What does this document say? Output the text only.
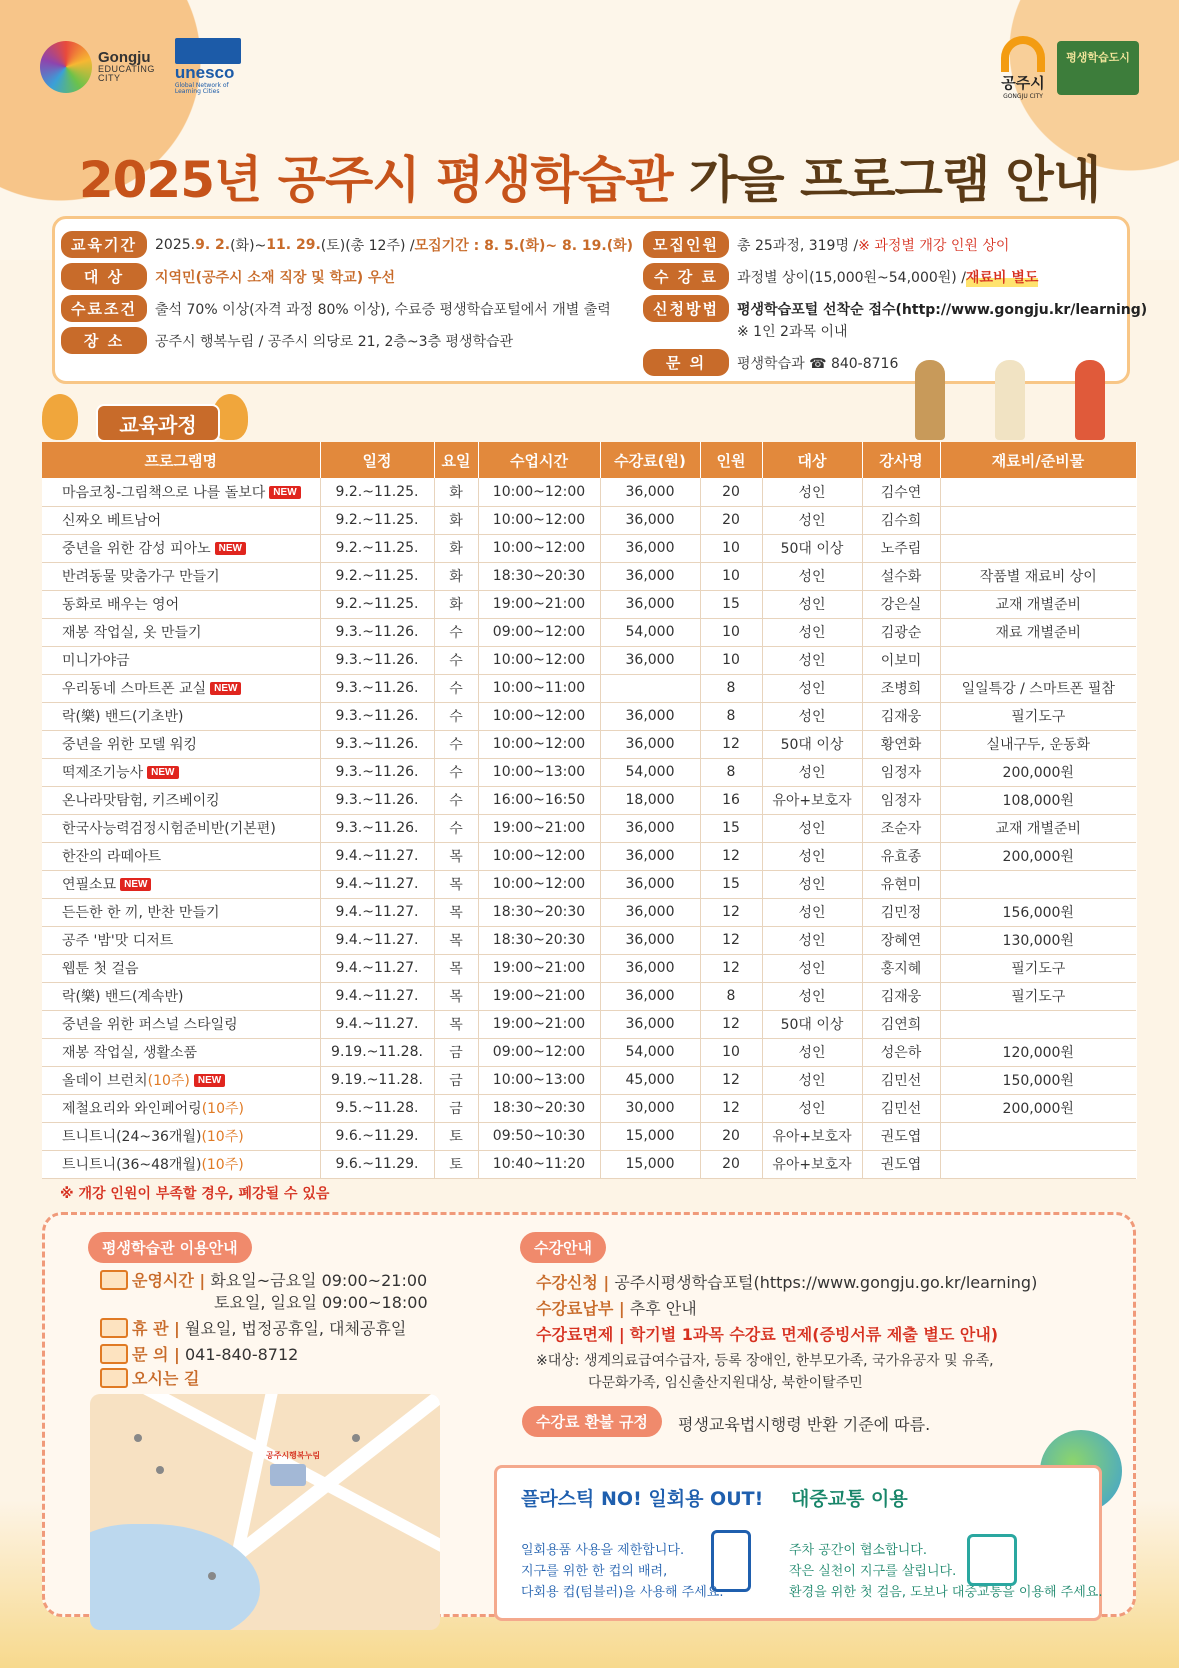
Gongju
EDUCATING
CITY	unesco
Global Network of
Learning Cities	공주시
GONGJU CITY
평생학습도시
2025년 공주시 평생학습관 가을 프로그램 안내
교육기간	2025. 9. 2. (화)~ 11. 29. (토)(총 12주) / 모집기간 : 8. 5.(화)~ 8. 19.(화)
대 상	지역민(공주시 소재 직장 및 학교) 우선
수료조건	출석 70% 이상(자격 과정 80% 이상), 수료증 평생학습포털에서 개별 출력
장 소	공주시 행복누림 / 공주시 의당로 21, 2층~3층 평생학습관
모집인원	총 25과정, 319명 / ※ 과정별 개강 인원 상이
수 강 료	과정별 상이(15,000원~54,000원) / 재료비 별도
신청방법	평생학습포털 선착순 접수(http://www.gongju.kr/learning)
※ 1인 2과목 이내
문 의	평생학습과 ☎ 840-8716
교육과정
프로그램명	일정	요일	수업시간	수강료(원)	인원	대상	강사명	재료비/준비물
마음코칭-그림책으로 나를 돌보다 NEW	9.2.~11.25.	화	10:00~12:00	36,000	20	성인	김수연	
신짜오 베트남어	9.2.~11.25.	화	10:00~12:00	36,000	20	성인	김수희	
중년을 위한 감성 피아노 NEW	9.2.~11.25.	화	10:00~12:00	36,000	10	50대 이상	노주림	
반려동물 맞춤가구 만들기	9.2.~11.25.	화	18:30~20:30	36,000	10	성인	설수화	작품별 재료비 상이
동화로 배우는 영어	9.2.~11.25.	화	19:00~21:00	36,000	15	성인	강은실	교재 개별준비
재봉 작업실, 옷 만들기	9.3.~11.26.	수	09:00~12:00	54,000	10	성인	김광순	재료 개별준비
미니가야금	9.3.~11.26.	수	10:00~12:00	36,000	10	성인	이보미	
우리동네 스마트폰 교실 NEW	9.3.~11.26.	수	10:00~11:00		8	성인	조병희	일일특강 / 스마트폰 필참
락(樂) 밴드(기초반)	9.3.~11.26.	수	10:00~12:00	36,000	8	성인	김재웅	필기도구
중년을 위한 모델 워킹	9.3.~11.26.	수	10:00~12:00	36,000	12	50대 이상	황연화	실내구두, 운동화
떡제조기능사 NEW	9.3.~11.26.	수	10:00~13:00	54,000	8	성인	임정자	200,000원
온나라맛탐험, 키즈베이킹	9.3.~11.26.	수	16:00~16:50	18,000	16	유아+보호자	임정자	108,000원
한국사능력검정시험준비반(기본편)	9.3.~11.26.	수	19:00~21:00	36,000	15	성인	조순자	교재 개별준비
한잔의 라떼아트	9.4.~11.27.	목	10:00~12:00	36,000	12	성인	유효종	200,000원
연필소묘 NEW	9.4.~11.27.	목	10:00~12:00	36,000	15	성인	유현미	
든든한 한 끼, 반찬 만들기	9.4.~11.27.	목	18:30~20:30	36,000	12	성인	김민정	156,000원
공주 '밤'맛 디저트	9.4.~11.27.	목	18:30~20:30	36,000	12	성인	장혜연	130,000원
웹툰 첫 걸음	9.4.~11.27.	목	19:00~21:00	36,000	12	성인	홍지혜	필기도구
락(樂) 밴드(계속반)	9.4.~11.27.	목	19:00~21:00	36,000	8	성인	김재웅	필기도구
중년을 위한 퍼스널 스타일링	9.4.~11.27.	목	19:00~21:00	36,000	12	50대 이상	김연희	
재봉 작업실, 생활소품	9.19.~11.28.	금	09:00~12:00	54,000	10	성인	성은하	120,000원
올데이 브런치(10주) NEW	9.19.~11.28.	금	10:00~13:00	45,000	12	성인	김민선	150,000원
제철요리와 와인페어링(10주)	9.5.~11.28.	금	18:30~20:30	30,000	12	성인	김민선	200,000원
트니트니(24~36개월)(10주)	9.6.~11.29.	토	09:50~10:30	15,000	20	유아+보호자	권도엽	
트니트니(36~48개월)(10주)	9.6.~11.29.	토	10:40~11:20	15,000	20	유아+보호자	권도엽	
※ 개강 인원이 부족할 경우, 폐강될 수 있음
평생학습관 이용안내
운영시간 | 화요일~금요일 09:00~21:00
토요일, 일요일 09:00~18:00
휴 관 | 월요일, 법정공휴일, 대체공휴일
문 의 | 041-840-8712
오시는 길
공주시행복누림
수강안내
수강신청 | 공주시평생학습포털(https://www.gongju.go.kr/learning)
수강료납부 | 추후 안내
수강료면제 | 학기별 1과목 수강료 면제(증빙서류 제출 별도 안내)
※대상: 생계의료급여수급자, 등록 장애인, 한부모가족, 국가유공자 및 유족,
다문화가족, 임신출산지원대상, 북한이탈주민
수강료 환불 규정	평생교육법시행령 반환 기준에 따름.
플라스틱 NO! 일회용 OUT! 대중교통 이용
일회용품 사용을 제한합니다.
지구를 위한 한 컵의 배려,
다회용 컵(텀블러)을 사용해 주세요.
주차 공간이 협소합니다.
작은 실천이 지구를 살립니다.
환경을 위한 첫 걸음, 도보나 대중교통을 이용해 주세요.
